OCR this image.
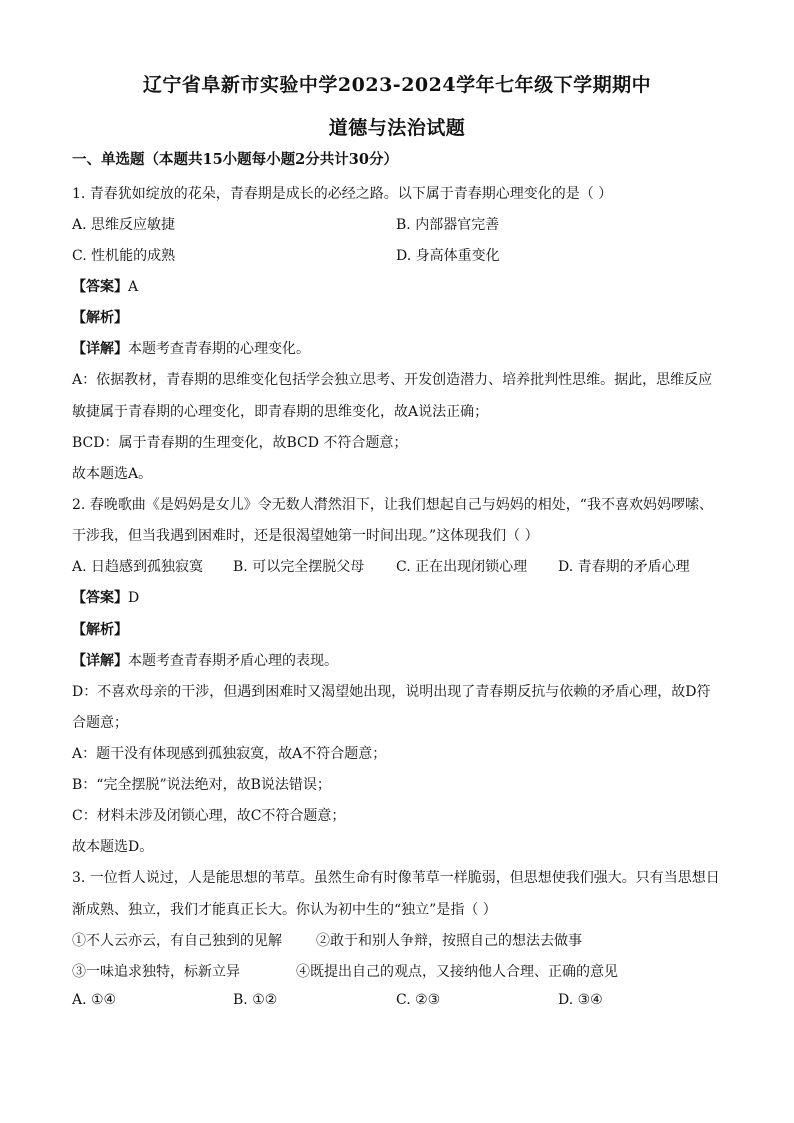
辽宁省阜新市实验中学2023-2024学年七年级下学期期中
道德与法治试题
一、单选题（本题共15小题每小题2分共计30分）
1. 青春犹如绽放的花朵，青春期是成长的必经之路。以下属于青春期心理变化的是（ ）
A. 思维反应敏捷	B. 内部器官完善
C. 性机能的成熟	D. 身高体重变化
【答案】A
【解析】
【详解】本题考查青春期的心理变化。
A：依据教材，青春期的思维变化包括学会独立思考、开发创造潜力、培养批判性思维。据此，思维反应
敏捷属于青春期的心理变化，即青春期的思维变化，故A说法正确；
BCD：属于青春期的生理变化，故BCD 不符合题意；
故本题选A。
2. 春晚歌曲《是妈妈是女儿》令无数人潸然泪下，让我们想起自己与妈妈的相处，“我不喜欢妈妈啰嗦、
干涉我，但当我遇到困难时，还是很渴望她第一时间出现。”这体现我们（ ）
A. 日趋感到孤独寂寞 B. 可以完全摆脱父母 C. 正在出现闭锁心理 D. 青春期的矛盾心理
【答案】D
【解析】
【详解】本题考查青春期矛盾心理的表现。
D：不喜欢母亲的干涉，但遇到困难时又渴望她出现，说明出现了青春期反抗与依赖的矛盾心理，故D符
合题意；
A：题干没有体现感到孤独寂寞，故A不符合题意；
B：“完全摆脱”说法绝对，故B说法错误；
C：材料未涉及闭锁心理，故C不符合题意；
故本题选D。
3. 一位哲人说过，人是能思想的苇草。虽然生命有时像苇草一样脆弱，但思想使我们强大。只有当思想日
渐成熟、独立，我们才能真正长大。你认为初中生的“独立”是指（ ）
①不人云亦云，有自己独到的见解 ②敢于和别人争辩，按照自己的想法去做事
③一味追求独特，标新立异	④既提出自己的观点，又接纳他人合理、正确的意见
A. ①④	B. ①②	C. ②③	D. ③④
